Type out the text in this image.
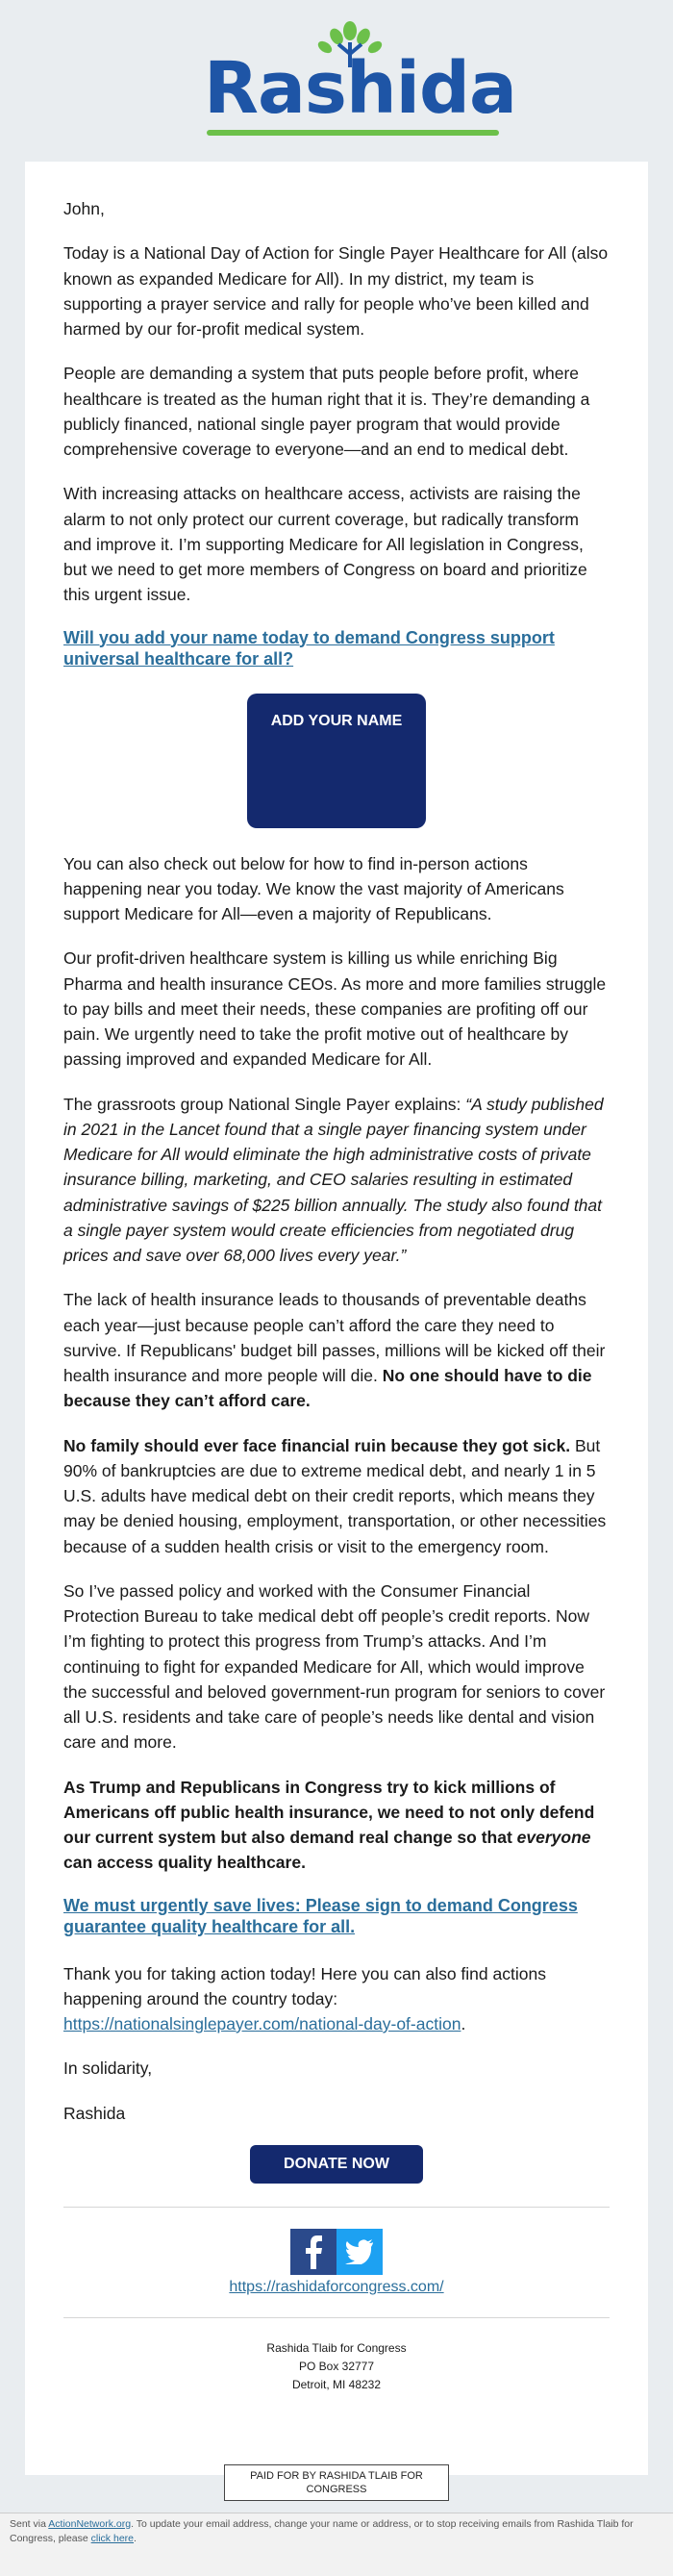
Rashida

John,

Today is a National Day of Action for Single Payer Healthcare for All (also known as expanded Medicare for All). In my district, my team is supporting a prayer service and rally for people who’ve been killed and harmed by our for-profit medical system.

People are demanding a system that puts people before profit, where healthcare is treated as the human right that it is. They’re demanding a publicly financed, national single payer program that would provide comprehensive coverage to everyone—and an end to medical debt.

With increasing attacks on healthcare access, activists are raising the alarm to not only protect our current coverage, but radically transform and improve it. I’m supporting Medicare for All legislation in Congress, but we need to get more members of Congress on board and prioritize this urgent issue.

Will you add your name today to demand Congress support universal healthcare for all?
ADD YOUR NAME

You can also check out below for how to find in-person actions happening near you today. We know the vast majority of Americans support Medicare for All—even a majority of Republicans.

Our profit-driven healthcare system is killing us while enriching Big Pharma and health insurance CEOs. As more and more families struggle to pay bills and meet their needs, these companies are profiting off our pain. We urgently need to take the profit motive out of healthcare by passing improved and expanded Medicare for All.

The grassroots group National Single Payer explains: “A study published in 2021 in the Lancet found that a single payer financing system under Medicare for All would eliminate the high administrative costs of private insurance billing, marketing, and CEO salaries resulting in estimated administrative savings of $225 billion annually. The study also found that a single payer system would create efficiencies from negotiated drug prices and save over 68,000 lives every year.”

The lack of health insurance leads to thousands of preventable deaths each year—just because people can’t afford the care they need to survive. If Republicans' budget bill passes, millions will be kicked off their health insurance and more people will die. No one should have to die because they can’t afford care.

No family should ever face financial ruin because they got sick. But 90% of bankruptcies are due to extreme medical debt, and nearly 1 in 5 U.S. adults have medical debt on their credit reports, which means they may be denied housing, employment, transportation, or other necessities because of a sudden health crisis or visit to the emergency room.

So I’ve passed policy and worked with the Consumer Financial Protection Bureau to take medical debt off people’s credit reports. Now I’m fighting to protect this progress from Trump’s attacks. And I’m continuing to fight for expanded Medicare for All, which would improve the successful and beloved government-run program for seniors to cover all U.S. residents and take care of people’s needs like dental and vision care and more.

As Trump and Republicans in Congress try to kick millions of Americans off public health insurance, we need to not only defend our current system but also demand real change so that everyone can access quality healthcare.

We must urgently save lives: Please sign to demand Congress guarantee quality healthcare for all.

Thank you for taking action today! Here you can also find actions happening around the country today: https://nationalsinglepayer.com/national-day-of-action.

In solidarity,

Rashida

DONATE NOW
https://rashidaforcongress.com/
Rashida Tlaib for Congress
PO Box 32777
Detroit, MI 48232
PAID FOR BY RASHIDA TLAIB FOR CONGRESS
Sent via ActionNetwork.org. To update your email address, change your name or address, or to stop receiving emails from Rashida Tlaib for Congress, please click here.
